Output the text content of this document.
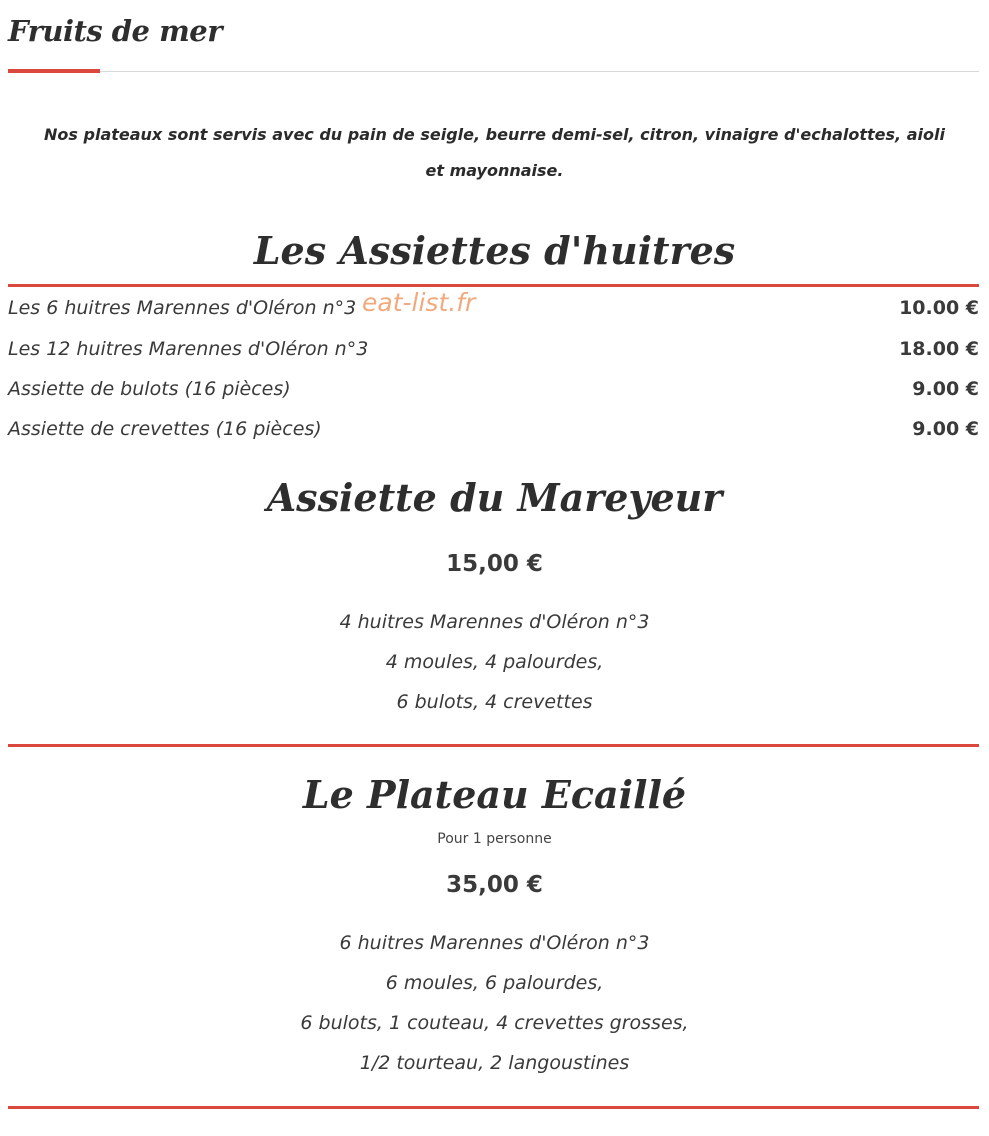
Fruits de mer

Nos plateaux sont servis avec du pain de seigle, beurre demi-sel, citron, vinaigre d'echalottes, aioli et mayonnaise.

Les Assiettes d'huitres
Les 6 huitres Marennes d'Oléron n°3	10.00 €
Les 12 huitres Marennes d'Oléron n°3	18.00 €
Assiette de bulots (16 pièces)	9.00 €
Assiette de crevettes (16 pièces)	9.00 €
eat-list.fr
Assiette du Mareyeur
15,00 €
4 huitres Marennes d'Oléron n°3
4 moules, 4 palourdes,
6 bulots, 4 crevettes
Le Plateau Ecaillé
Pour 1 personne
35,00 €
6 huitres Marennes d'Oléron n°3
6 moules, 6 palourdes,
6 bulots, 1 couteau, 4 crevettes grosses,
1/2 tourteau, 2 langoustines
